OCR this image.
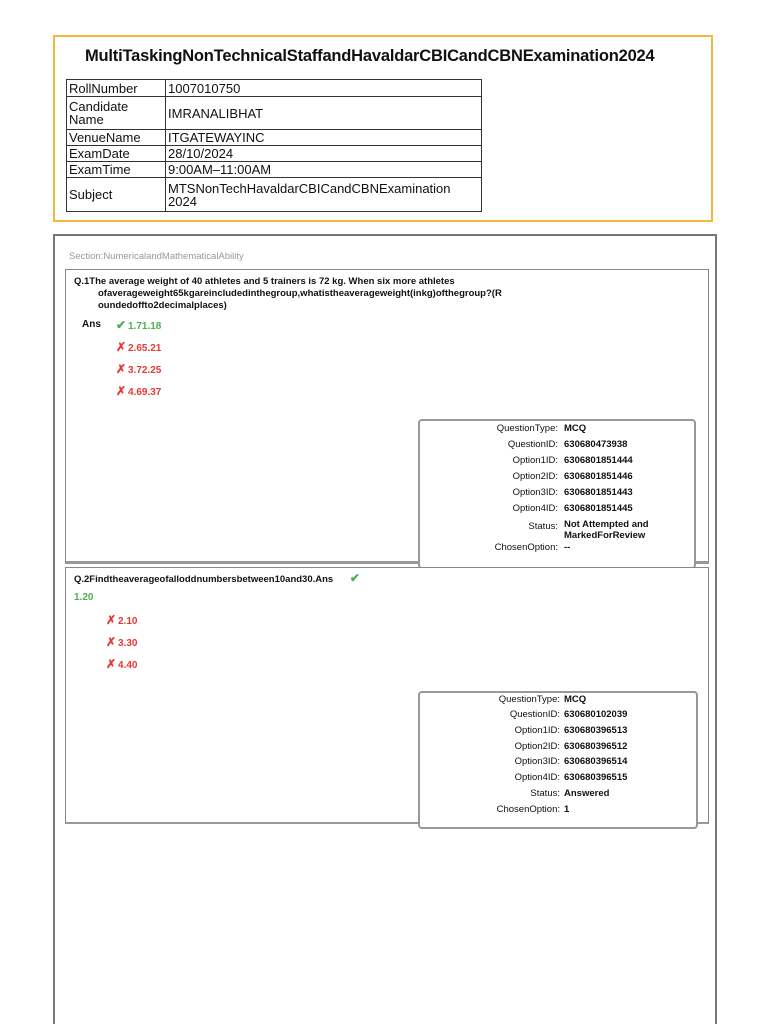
MultiTaskingNonTechnicalStaffandHavaldarCBICandCBNExamination2024
RollNumber	1007010750
Candidate
Name	IMRANALIBHAT
VenueName	ITGATEWAYINC
ExamDate	28/10/2024
ExamTime	9:00AM–11:00AM
Subject	MTSNonTechHavaldarCBICandCBNExamination
2024
Section:NumericalandMathematicalAbility
Q.1The average weight of 40 athletes and 5 trainers is 72 kg. When six more athletes
ofaverageweight65kgareincludedinthegroup,whatistheaverageweight(inkg)ofthegroup?(R
oundedoffto2decimalplaces)
Ans ✔ 1.71.18
✗ 2.65.21
✗ 3.72.25
✗ 4.69.37
QuestionType: MCQ
QuestionID: 630680473938
Option1ID: 6306801851444
Option2ID: 6306801851446
Option3ID: 6306801851443
Option4ID: 6306801851445
Status: Not Attempted and
MarkedForReview
ChosenOption: --
Q.2Findtheaverageofalloddnumbersbetween10and30.Ans ✔
1.20
✗ 2.10
✗ 3.30
✗ 4.40
QuestionType: MCQ
QuestionID: 630680102039
Option1ID: 630680396513
Option2ID: 630680396512
Option3ID: 630680396514
Option4ID: 630680396515
Status: Answered
ChosenOption: 1
